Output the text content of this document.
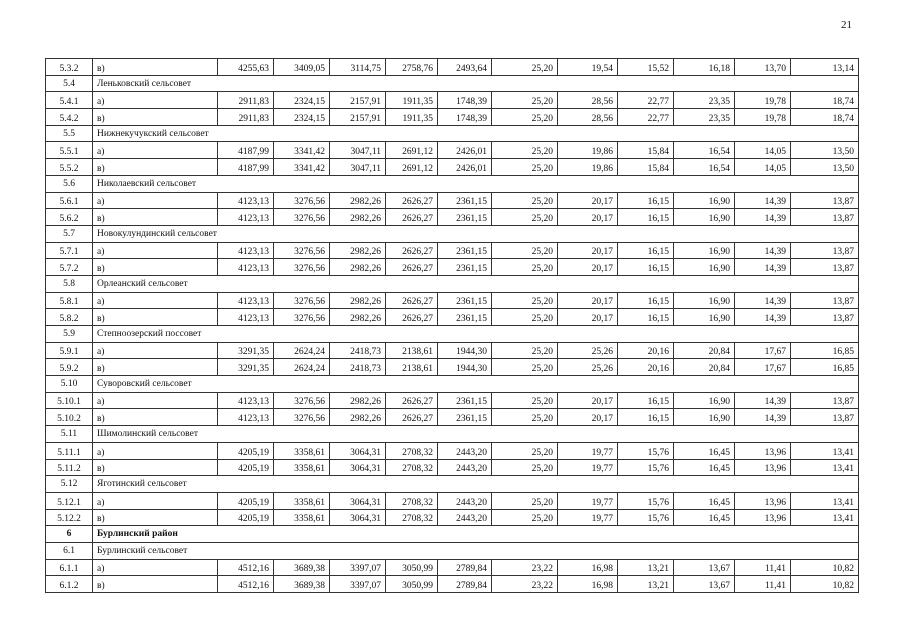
21
5.3.2	в)	4255,63	3409,05	3114,75	2758,76	2493,64	25,20	19,54	15,52	16,18	13,70	13,14
5.4	Леньковский сельсовет											
5.4.1	а)	2911,83	2324,15	2157,91	1911,35	1748,39	25,20	28,56	22,77	23,35	19,78	18,74
5.4.2	в)	2911,83	2324,15	2157,91	1911,35	1748,39	25,20	28,56	22,77	23,35	19,78	18,74
5.5	Нижнекучукский сельсовет											
5.5.1	а)	4187,99	3341,42	3047,11	2691,12	2426,01	25,20	19,86	15,84	16,54	14,05	13,50
5.5.2	в)	4187,99	3341,42	3047,11	2691,12	2426,01	25,20	19,86	15,84	16,54	14,05	13,50
5.6	Николаевский сельсовет											
5.6.1	а)	4123,13	3276,56	2982,26	2626,27	2361,15	25,20	20,17	16,15	16,90	14,39	13,87
5.6.2	в)	4123,13	3276,56	2982,26	2626,27	2361,15	25,20	20,17	16,15	16,90	14,39	13,87
5.7	Новокулундинский сельсовет											
5.7.1	а)	4123,13	3276,56	2982,26	2626,27	2361,15	25,20	20,17	16,15	16,90	14,39	13,87
5.7.2	в)	4123,13	3276,56	2982,26	2626,27	2361,15	25,20	20,17	16,15	16,90	14,39	13,87
5.8	Орлеанский сельсовет											
5.8.1	а)	4123,13	3276,56	2982,26	2626,27	2361,15	25,20	20,17	16,15	16,90	14,39	13,87
5.8.2	в)	4123,13	3276,56	2982,26	2626,27	2361,15	25,20	20,17	16,15	16,90	14,39	13,87
5.9	Степноозерский поссовет											
5.9.1	а)	3291,35	2624,24	2418,73	2138,61	1944,30	25,20	25,26	20,16	20,84	17,67	16,85
5.9.2	в)	3291,35	2624,24	2418,73	2138,61	1944,30	25,20	25,26	20,16	20,84	17,67	16,85
5.10	Суворовский сельсовет											
5.10.1	а)	4123,13	3276,56	2982,26	2626,27	2361,15	25,20	20,17	16,15	16,90	14,39	13,87
5.10.2	в)	4123,13	3276,56	2982,26	2626,27	2361,15	25,20	20,17	16,15	16,90	14,39	13,87
5.11	Шимолинский сельсовет											
5.11.1	а)	4205,19	3358,61	3064,31	2708,32	2443,20	25,20	19,77	15,76	16,45	13,96	13,41
5.11.2	в)	4205,19	3358,61	3064,31	2708,32	2443,20	25,20	19,77	15,76	16,45	13,96	13,41
5.12	Яготинский сельсовет											
5.12.1	а)	4205,19	3358,61	3064,31	2708,32	2443,20	25,20	19,77	15,76	16,45	13,96	13,41
5.12.2	в)	4205,19	3358,61	3064,31	2708,32	2443,20	25,20	19,77	15,76	16,45	13,96	13,41
6	Бурлинский район											
6.1	Бурлинский сельсовет											
6.1.1	а)	4512,16	3689,38	3397,07	3050,99	2789,84	23,22	16,98	13,21	13,67	11,41	10,82
6.1.2	в)	4512,16	3689,38	3397,07	3050,99	2789,84	23,22	16,98	13,21	13,67	11,41	10,82
